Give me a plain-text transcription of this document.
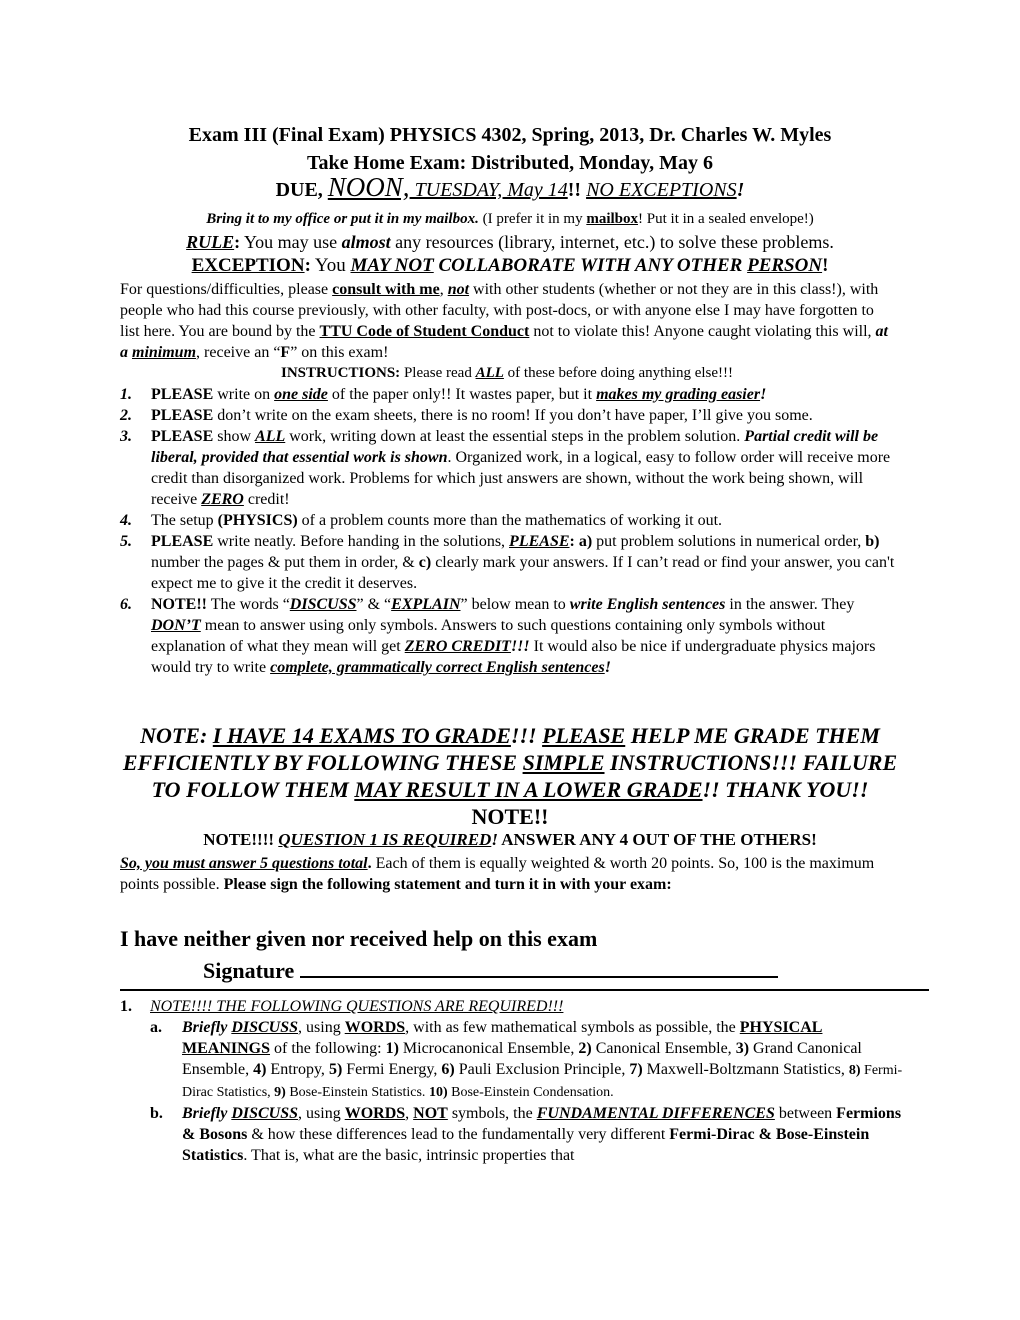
Exam III (Final Exam) PHYSICS 4302, Spring, 2013, Dr. Charles W. Myles
Take Home Exam: Distributed, Monday, May 6
DUE, NOON, TUESDAY, May 14!! NO EXCEPTIONS!
Bring it to my office or put it in my mailbox. (I prefer it in my mailbox! Put it in a sealed envelope!)
RULE: You may use almost any resources (library, internet, etc.) to solve these problems.
EXCEPTION: You MAY NOT COLLABORATE WITH ANY OTHER PERSON!
For questions/difficulties, please consult with me, not with other students (whether or not they are in this class!), with people who had this course previously, with other faculty, with post-docs, or with anyone else I may have forgotten to list here. You are bound by the TTU Code of Student Conduct not to violate this! Anyone caught violating this will, at a minimum, receive an “F” on this exam!
INSTRUCTIONS: Please read ALL of these before doing anything else!!!
1. PLEASE write on one side of the paper only!! It wastes paper, but it makes my grading easier!
2. PLEASE don’t write on the exam sheets, there is no room! If you don’t have paper, I’ll give you some.
3. PLEASE show ALL work, writing down at least the essential steps in the problem solution. Partial credit will be liberal, provided that essential work is shown. Organized work, in a logical, easy to follow order will receive more credit than disorganized work. Problems for which just answers are shown, without the work being shown, will receive ZERO credit!
4. The setup (PHYSICS) of a problem counts more than the mathematics of working it out.
5. PLEASE write neatly. Before handing in the solutions, PLEASE: a) put problem solutions in numerical order, b) number the pages & put them in order, & c) clearly mark your answers. If I can’t read or find your answer, you can't expect me to give it the credit it deserves.
6. NOTE!! The words “DISCUSS” & “EXPLAIN” below mean to write English sentences in the answer. They DON’T mean to answer using only symbols. Answers to such questions containing only symbols without explanation of what they mean will get ZERO CREDIT!!! It would also be nice if undergraduate physics majors would try to write complete, grammatically correct English sentences!
NOTE: I HAVE 14 EXAMS TO GRADE!!! PLEASE HELP ME GRADE THEM EFFICIENTLY BY FOLLOWING THESE SIMPLE INSTRUCTIONS!!! FAILURE TO FOLLOW THEM MAY RESULT IN A LOWER GRADE!! THANK YOU!! NOTE!!
NOTE!!!! QUESTION 1 IS REQUIRED! ANSWER ANY 4 OUT OF THE OTHERS!
So, you must answer 5 questions total. Each of them is equally weighted & worth 20 points. So, 100 is the maximum points possible. Please sign the following statement and turn it in with your exam:
I have neither given nor received help on this exam
Signature
1. NOTE!!!! THE FOLLOWING QUESTIONS ARE REQUIRED!!!
a. Briefly DISCUSS, using WORDS, with as few mathematical symbols as possible, the PHYSICAL MEANINGS of the following: 1) Microcanonical Ensemble, 2) Canonical Ensemble, 3) Grand Canonical Ensemble, 4) Entropy, 5) Fermi Energy, 6) Pauli Exclusion Principle, 7) Maxwell-Boltzmann Statistics, 8) Fermi-Dirac Statistics, 9) Bose-Einstein Statistics. 10) Bose-Einstein Condensation.
b. Briefly DISCUSS, using WORDS, NOT symbols, the FUNDAMENTAL DIFFERENCES between Fermions & Bosons & how these differences lead to the fundamentally very different Fermi-Dirac & Bose-Einstein Statistics. That is, what are the basic, intrinsic properties that
